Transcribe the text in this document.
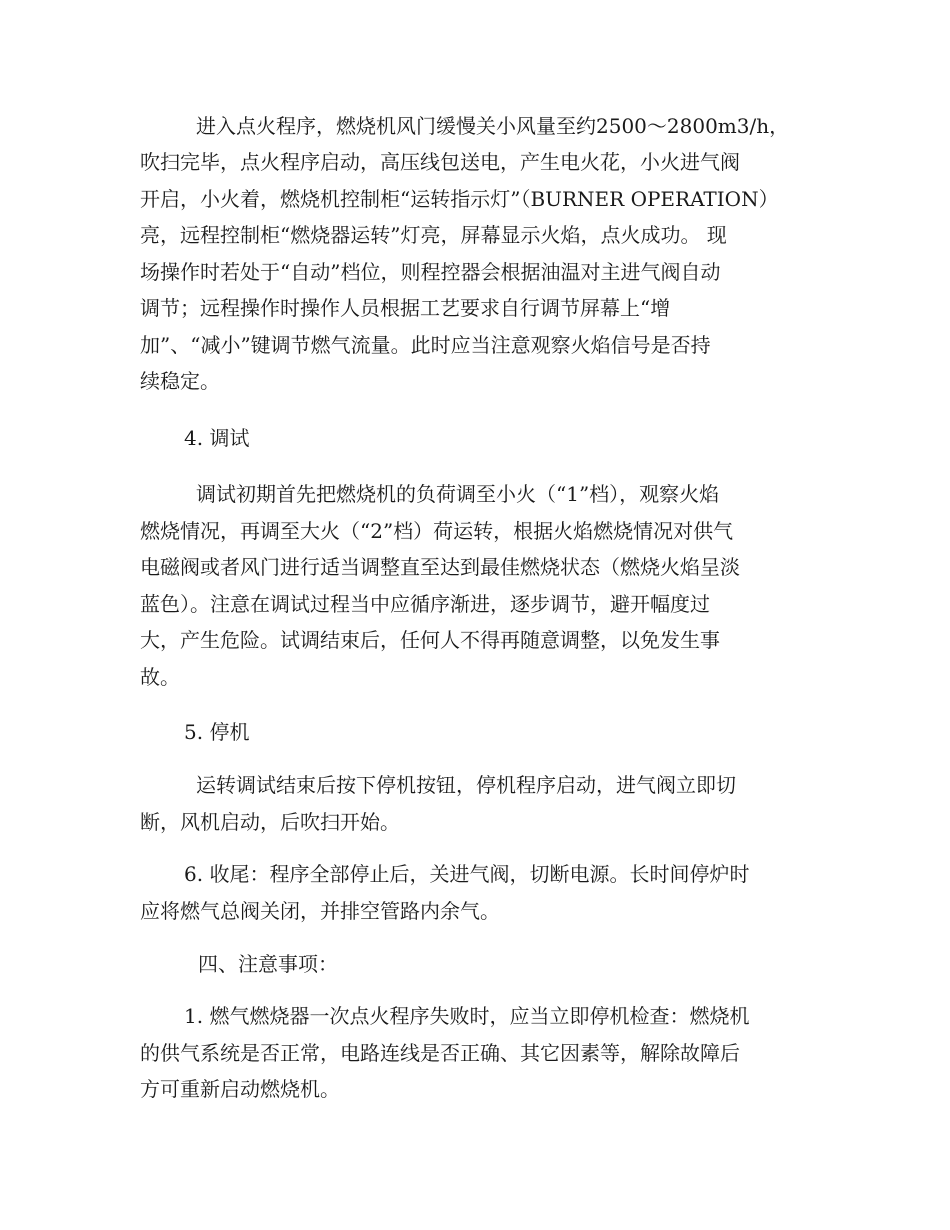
进入点火程序，燃烧机风门缓慢关小风量至约2500～2800m3/h，
吹扫完毕，点火程序启动，高压线包送电，产生电火花，小火进气阀
开启，小火着，燃烧机控制柜“运转指示灯”（BURNER OPERATION）
亮，远程控制柜“燃烧器运转”灯亮，屏幕显示火焰，点火成功。 现
场操作时若处于“自动”档位，则程控器会根据油温对主进气阀自动
调节；远程操作时操作人员根据工艺要求自行调节屏幕上“增
加”、“减小”键调节燃气流量。此时应当注意观察火焰信号是否持
续稳定。
4. 调试
调试初期首先把燃烧机的负荷调至小火（“1”档），观察火焰
燃烧情况，再调至大火（“2”档）荷运转，根据火焰燃烧情况对供气
电磁阀或者风门进行适当调整直至达到最佳燃烧状态（燃烧火焰呈淡
蓝色）。注意在调试过程当中应循序渐进，逐步调节，避开幅度过
大，产生危险。试调结束后，任何人不得再随意调整，以免发生事
故。
5. 停机
运转调试结束后按下停机按钮，停机程序启动，进气阀立即切
断，风机启动，后吹扫开始。
6. 收尾：程序全部停止后，关进气阀，切断电源。长时间停炉时
应将燃气总阀关闭，并排空管路内余气。
四、注意事项：
1. 燃气燃烧器一次点火程序失败时，应当立即停机检查：燃烧机
的供气系统是否正常，电路连线是否正确、其它因素等，解除故障后
方可重新启动燃烧机。
